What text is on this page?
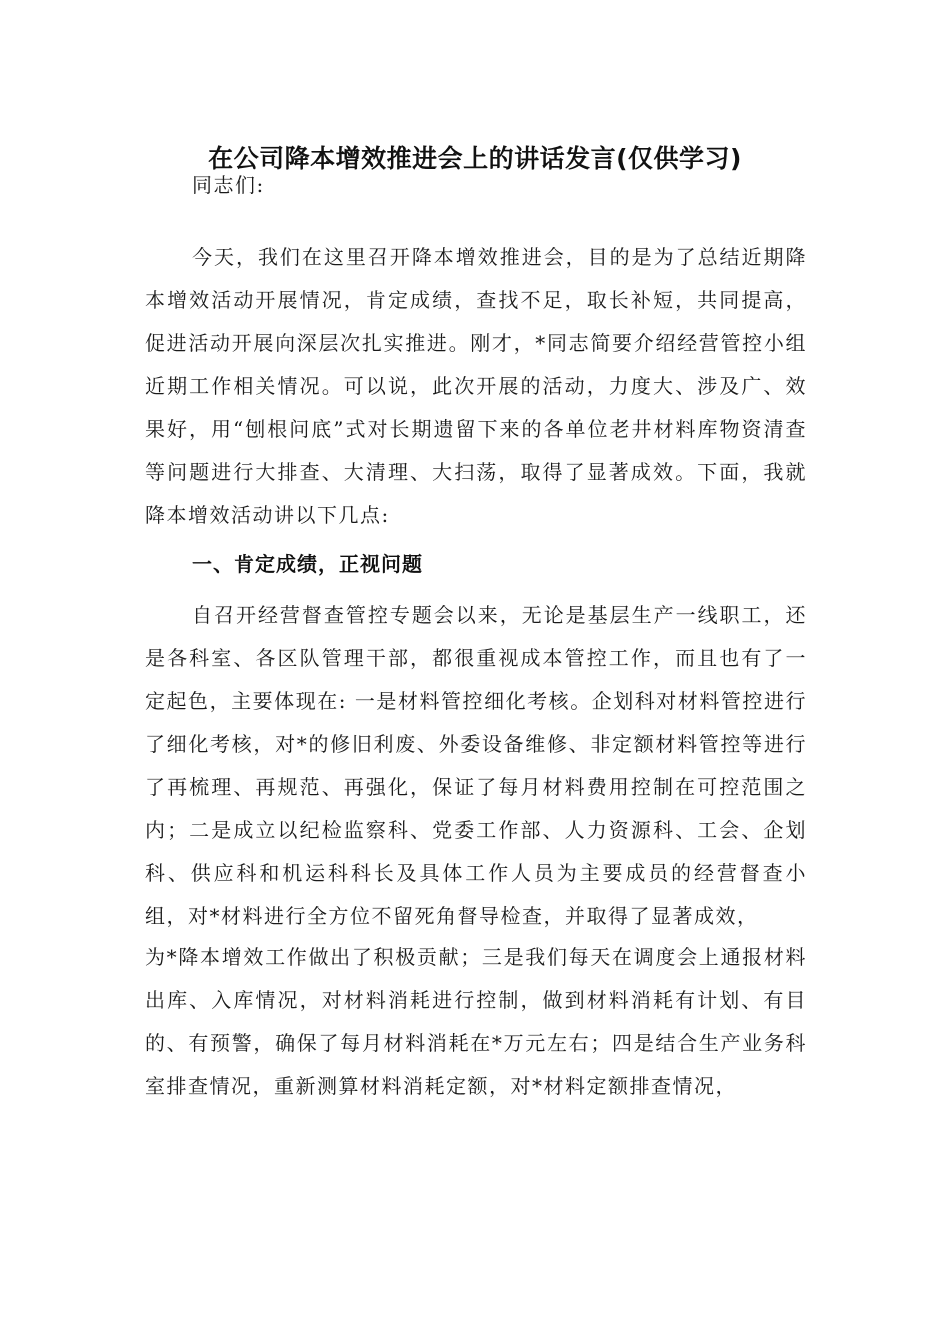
在公司降本增效推进会上的讲话发言(仅供学习)
同志们:
今天，我们在这里召开降本增效推进会，目的是为了总结近期降本增效活动开展情况，肯定成绩，查找不足，取长补短，共同提高，促进活动开展向深层次扎实推进。刚才，*同志简要介绍经营管控小组近期工作相关情况。可以说，此次开展的活动，力度大、涉及广、效果好，用“刨根问底”式对长期遗留下来的各单位老井材料库物资清查等问题进行大排查、大清理、大扫荡，取得了显著成效。下面，我就降本增效活动讲以下几点:
一、肯定成绩，正视问题
自召开经营督查管控专题会以来，无论是基层生产一线职工，还是各科室、各区队管理干部，都很重视成本管控工作，而且也有了一定起色，主要体现在: 一是材料管控细化考核。企划科对材料管控进行了细化考核，对*的修旧利废、外委设备维修、非定额材料管控等进行了再梳理、再规范、再强化，保证了每月材料费用控制在可控范围之内；二是成立以纪检监察科、党委工作部、人力资源科、工会、企划科、供应科和机运科科长及具体工作人员为主要成员的经营督查小组，对*材料进行全方位不留死角督导检查，并取得了显著成效，
为*降本增效工作做出了积极贡献；三是我们每天在调度会上通报材料出库、入库情况，对材料消耗进行控制，做到材料消耗有计划、有目的、有预警，确保了每月材料消耗在*万元左右；四是结合生产业务科室排查情况，重新测算材料消耗定额，对*材料定额排查情况，
